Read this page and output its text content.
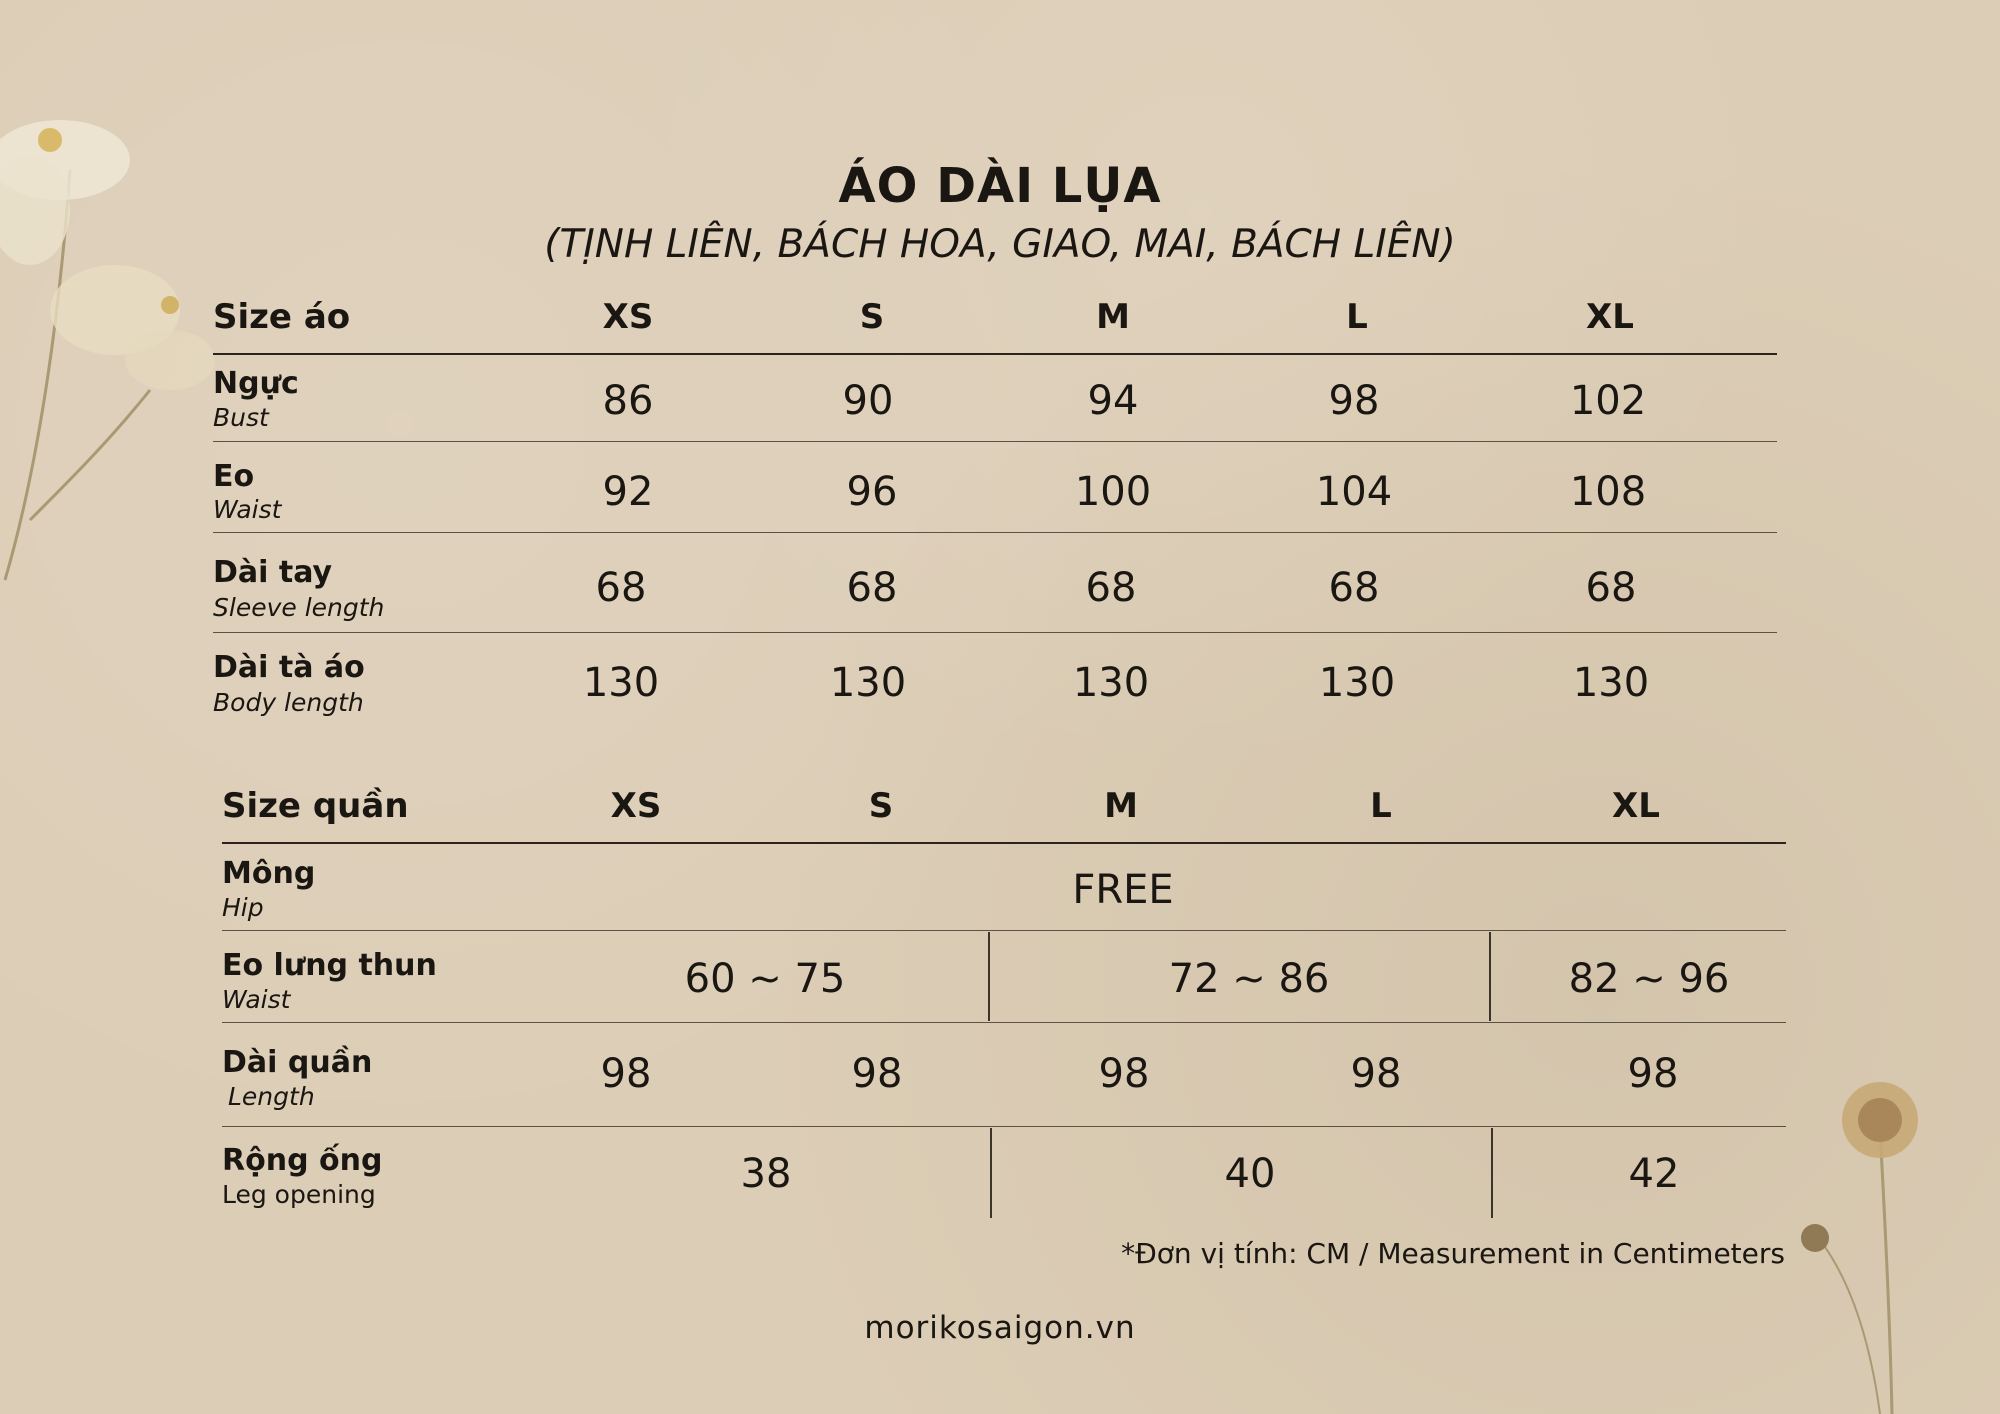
ÁO DÀI LỤA
(TỊNH LIÊN, BÁCH HOA, GIAO, MAI, BÁCH LIÊN)
Size áo	XS	S	M	L	XL
Ngực
Bust	86	90	94	98	102
Eo
Waist	92	96	100	104	108
Dài tay
Sleeve length	68	68	68	68	68
Dài tà áo
Body length	130	130	130	130	130
Size quần	XS	S	M	L	XL
Mông
Hip	FREE
Eo lưng thun
Waist	60 ~ 75	72 ~ 86	82 ~ 96
Dài quần
Length	98	98	98	98	98
Rộng ống
Leg opening	38	40	42
*Đơn vị tính: CM / Measurement in Centimeters
morikosaigon.vn
